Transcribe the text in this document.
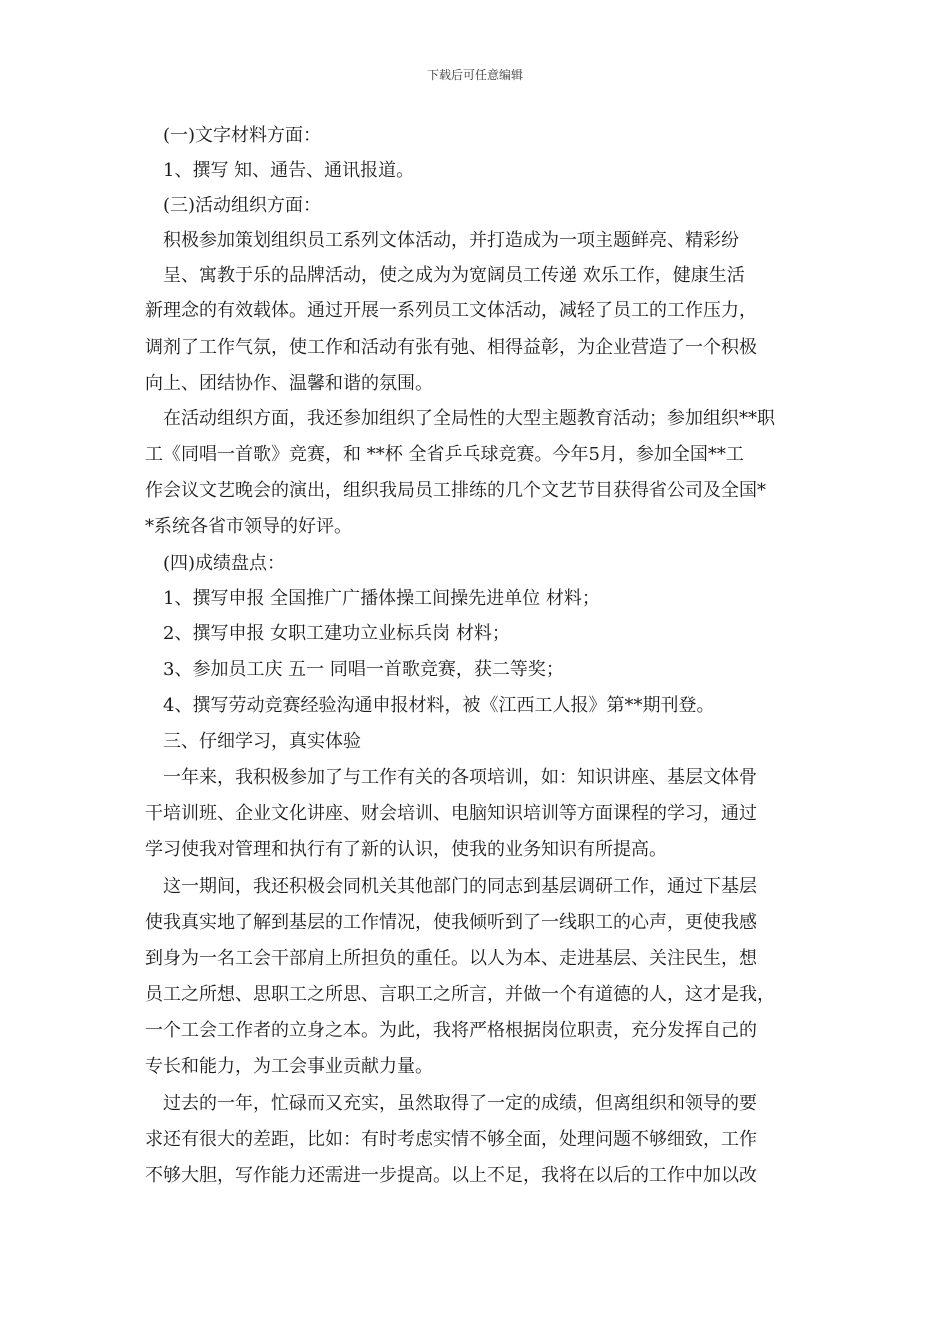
下载后可任意编辑
(一)文字材料方面：
1、撰写 知、通告、通讯报道。
(三)活动组织方面：
积极参加策划组织员工系列文体活动，并打造成为一项主题鲜亮、精彩纷
呈、寓教于乐的品牌活动，使之成为为宽阔员工传递 欢乐工作，健康生活
新理念的有效载体。通过开展一系列员工文体活动，减轻了员工的工作压力，
调剂了工作气氛，使工作和活动有张有弛、相得益彰，为企业营造了一个积极
向上、团结协作、温馨和谐的氛围。
在活动组织方面，我还参加组织了全局性的大型主题教育活动；参加组织**职
工《同唱一首歌》竞赛，和 **杯 全省乒乓球竞赛。今年5月，参加全国**工
作会议文艺晚会的演出，组织我局员工排练的几个文艺节目获得省公司及全国*
*系统各省市领导的好评。
(四)成绩盘点：
1、撰写申报 全国推广广播体操工间操先进单位 材料；
2、撰写申报 女职工建功立业标兵岗 材料；
3、参加员工庆 五一 同唱一首歌竞赛，获二等奖；
4、撰写劳动竞赛经验沟通申报材料，被《江西工人报》第**期刊登。
三、仔细学习，真实体验
一年来，我积极参加了与工作有关的各项培训，如：知识讲座、基层文体骨
干培训班、企业文化讲座、财会培训、电脑知识培训等方面课程的学习，通过
学习使我对管理和执行有了新的认识，使我的业务知识有所提高。
这一期间，我还积极会同机关其他部门的同志到基层调研工作，通过下基层
使我真实地了解到基层的工作情况，使我倾听到了一线职工的心声，更使我感
到身为一名工会干部肩上所担负的重任。以人为本、走进基层、关注民生，想
员工之所想、思职工之所思、言职工之所言，并做一个有道德的人，这才是我，
一个工会工作者的立身之本。为此，我将严格根据岗位职责，充分发挥自己的
专长和能力，为工会事业贡献力量。
过去的一年，忙碌而又充实，虽然取得了一定的成绩，但离组织和领导的要
求还有很大的差距，比如：有时考虑实情不够全面，处理问题不够细致，工作
不够大胆，写作能力还需进一步提高。以上不足，我将在以后的工作中加以改
